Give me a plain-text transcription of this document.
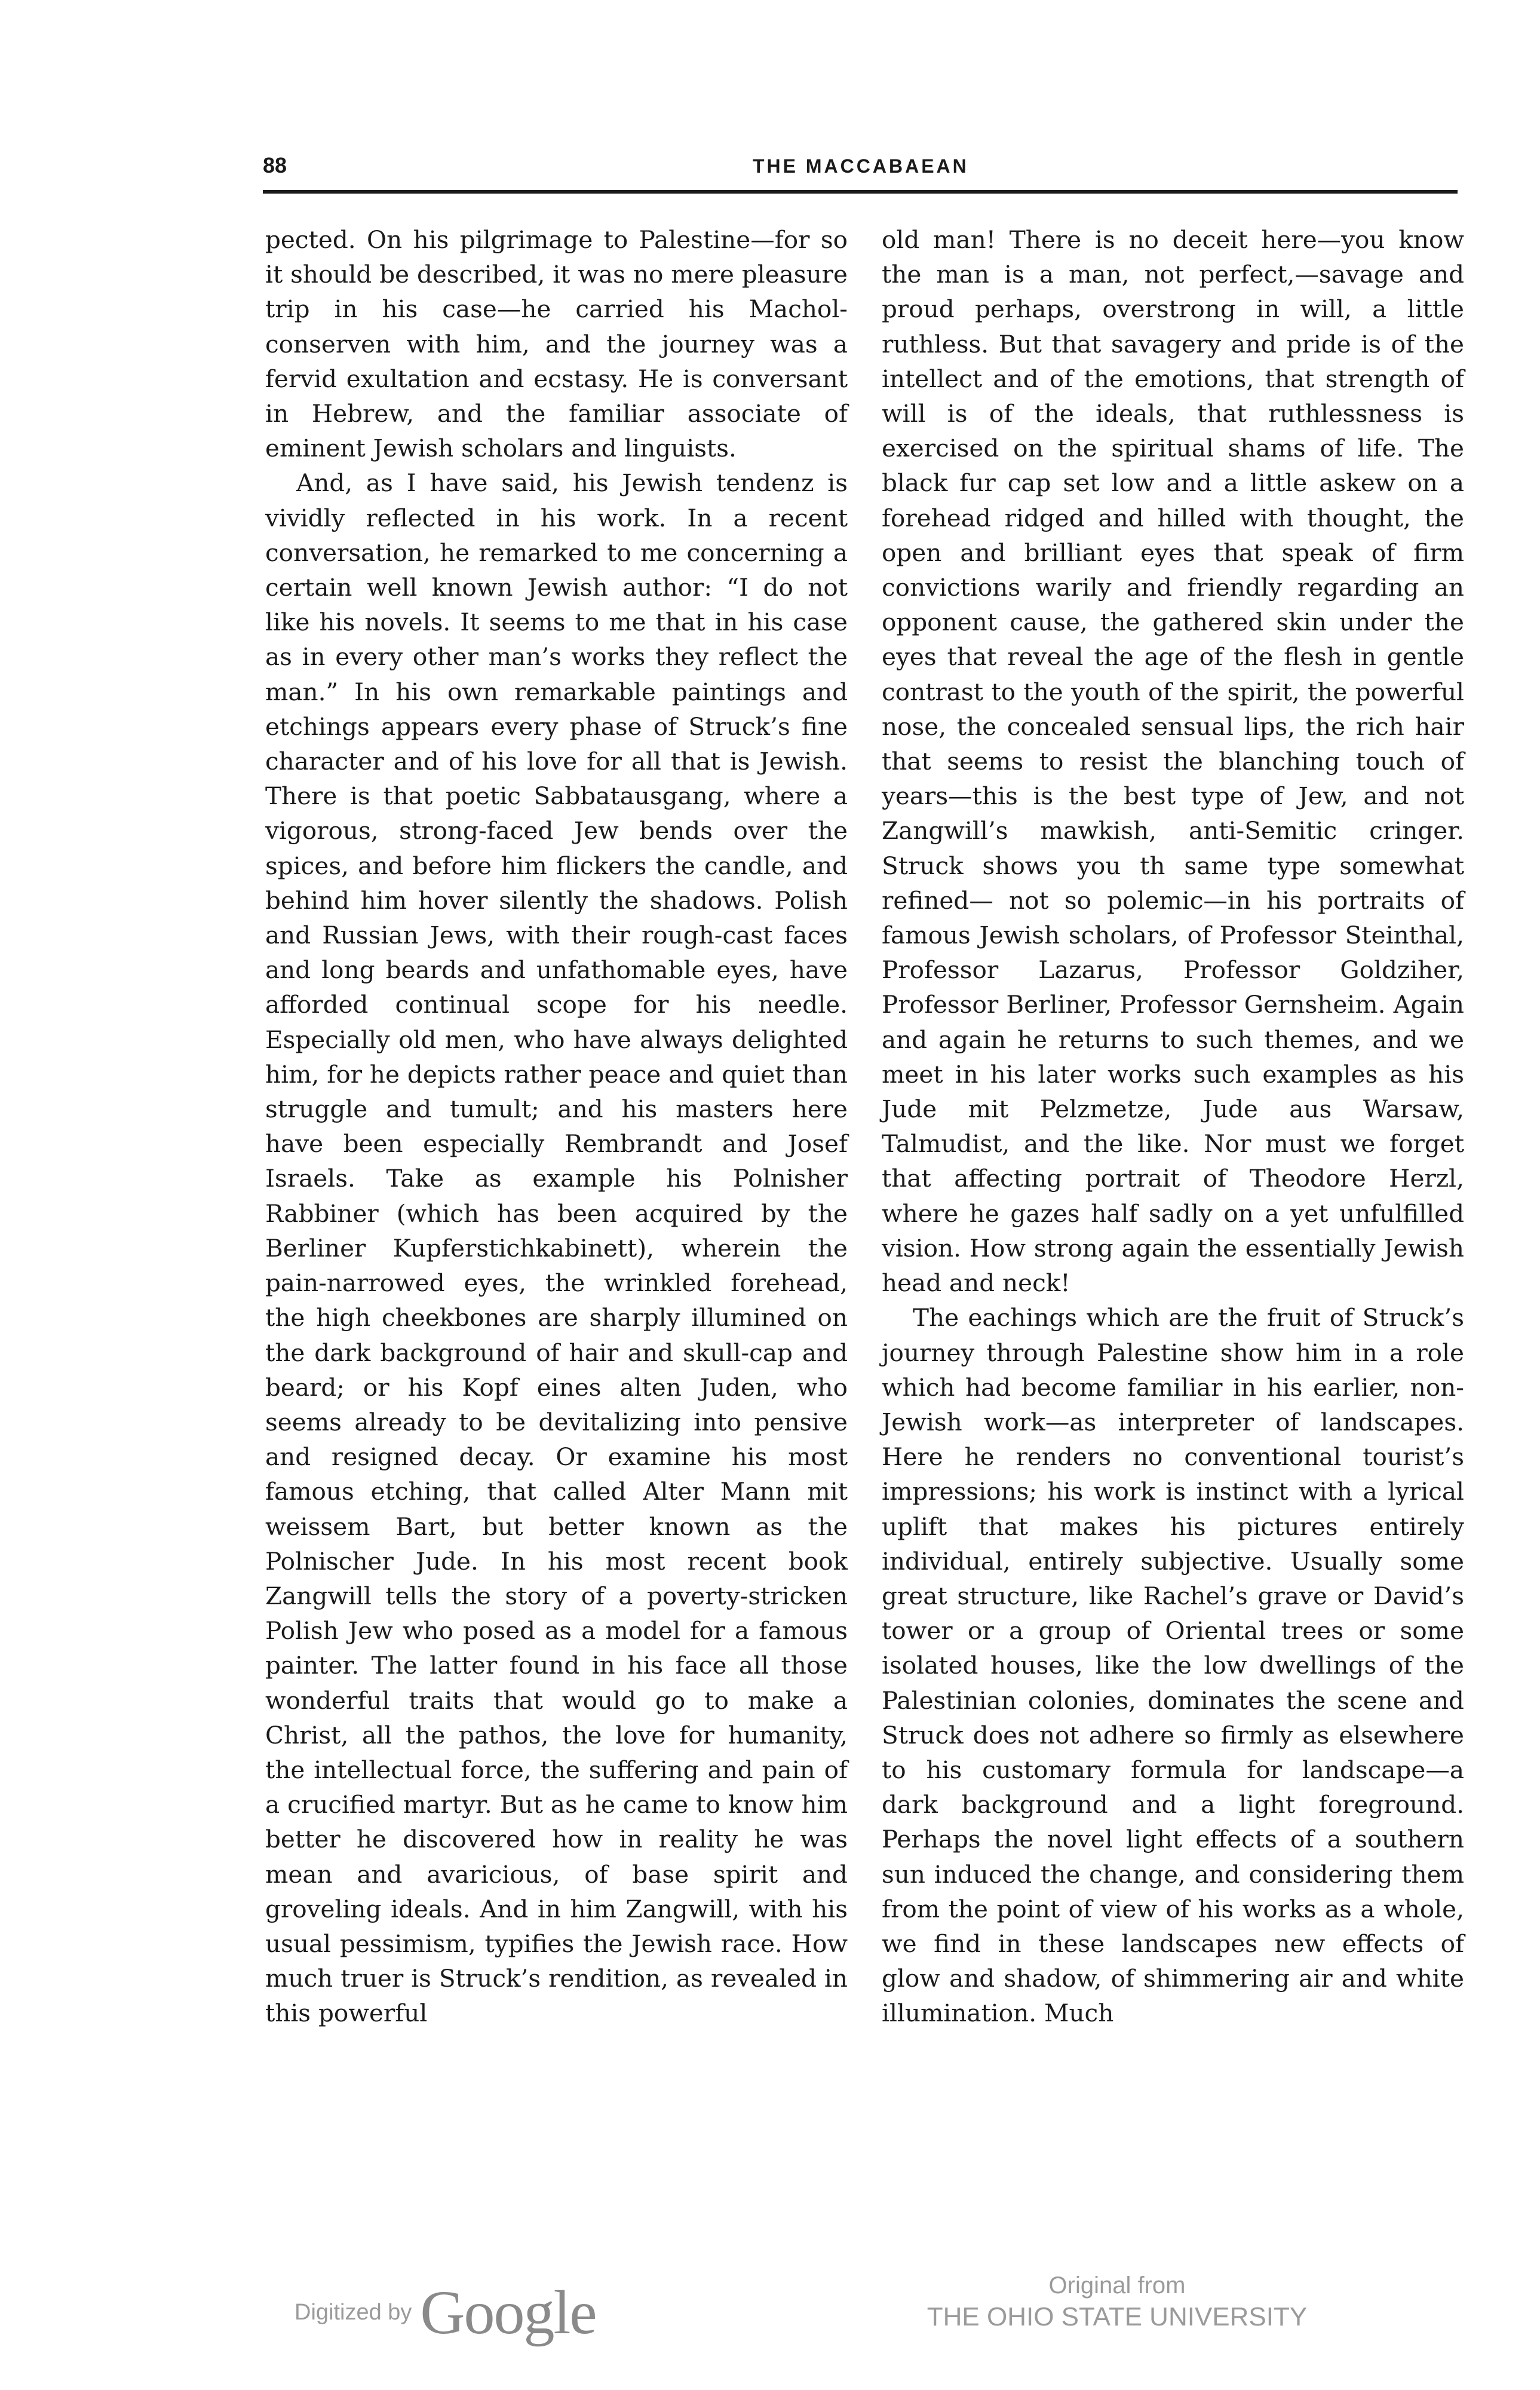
88	THE MACCABAEAN

pected. On his pilgrimage to Palestine—for so it should be described, it was no mere pleasure trip in his case—he carried his Machol-conserven with him, and the journey was a fervid exultation and ecstasy. He is conversant in Hebrew, and the familiar associate of eminent Jewish scholars and linguists.

And, as I have said, his Jewish tendenz is vividly reflected in his work. In a recent conversation, he remarked to me concerning a certain well known Jewish author: “I do not like his novels. It seems to me that in his case as in every other man’s works they reflect the man.” In his own remarkable paintings and etchings appears every phase of Struck’s fine character and of his love for all that is Jewish. There is that poetic Sabbatausgang, where a vigorous, strong-faced Jew bends over the spices, and before him flickers the candle, and behind him hover silently the shadows. Polish and Russian Jews, with their rough-cast faces and long beards and unfathomable eyes, have afforded continual scope for his needle. Especially old men, who have always delighted him, for he depicts rather peace and quiet than struggle and tumult; and his masters here have been especially Rembrandt and Josef Israels. Take as example his Polnisher Rabbiner (which has been acquired by the Berliner Kupferstichkabinett), wherein the pain-narrowed eyes, the wrinkled forehead, the high cheekbones are sharply illumined on the dark background of hair and skull-cap and beard; or his Kopf eines alten Juden, who seems already to be devitalizing into pensive and resigned decay. Or examine his most famous etching, that called Alter Mann mit weissem Bart, but better known as the Polnischer Jude. In his most recent book Zangwill tells the story of a poverty-stricken Polish Jew who posed as a model for a famous painter. The latter found in his face all those wonderful traits that would go to make a Christ, all the pathos, the love for humanity, the intellectual force, the suffering and pain of a crucified martyr. But as he came to know him better he discovered how in reality he was mean and avaricious, of base spirit and groveling ideals. And in him Zangwill, with his usual pessimism, typifies the Jewish race. How much truer is Struck’s rendition, as revealed in this powerful

old man! There is no deceit here—you know the man is a man, not perfect,—savage and proud perhaps, overstrong in will, a little ruthless. But that savagery and pride is of the intellect and of the emotions, that strength of will is of the ideals, that ruthlessness is exercised on the spiritual shams of life. The black fur cap set low and a little askew on a forehead ridged and hilled with thought, the open and brilliant eyes that speak of firm convictions warily and friendly regarding an opponent cause, the gathered skin under the eyes that reveal the age of the flesh in gentle contrast to the youth of the spirit, the powerful nose, the concealed sensual lips, the rich hair that seems to resist the blanching touch of years—this is the best type of Jew, and not Zangwill’s mawkish, anti-Semitic cringer. Struck shows you th same type somewhat refined— not so polemic—in his portraits of famous Jewish scholars, of Professor Steinthal, Professor Lazarus, Professor Goldziher, Professor Berliner, Professor Gernsheim. Again and again he returns to such themes, and we meet in his later works such examples as his Jude mit Pelzmetze, Jude aus Warsaw, Talmudist, and the like. Nor must we forget that affecting portrait of Theodore Herzl, where he gazes half sadly on a yet unfulfilled vision. How strong again the essentially Jewish head and neck!

The eachings which are the fruit of Struck’s journey through Palestine show him in a role which had become familiar in his earlier, non-Jewish work—as interpreter of landscapes. Here he renders no conventional tourist’s impressions; his work is instinct with a lyrical uplift that makes his pictures entirely individual, entirely subjective. Usually some great structure, like Rachel’s grave or David’s tower or a group of Oriental trees or some isolated houses, like the low dwellings of the Palestinian colonies, dominates the scene and Struck does not adhere so firmly as elsewhere to his customary formula for landscape—a dark background and a light foreground. Perhaps the novel light effects of a southern sun induced the change, and considering them from the point of view of his works as a whole, we find in these landscapes new effects of glow and shadow, of shimmering air and white illumination. Much

Digitized by Google	Original from
THE OHIO STATE UNIVERSITY
